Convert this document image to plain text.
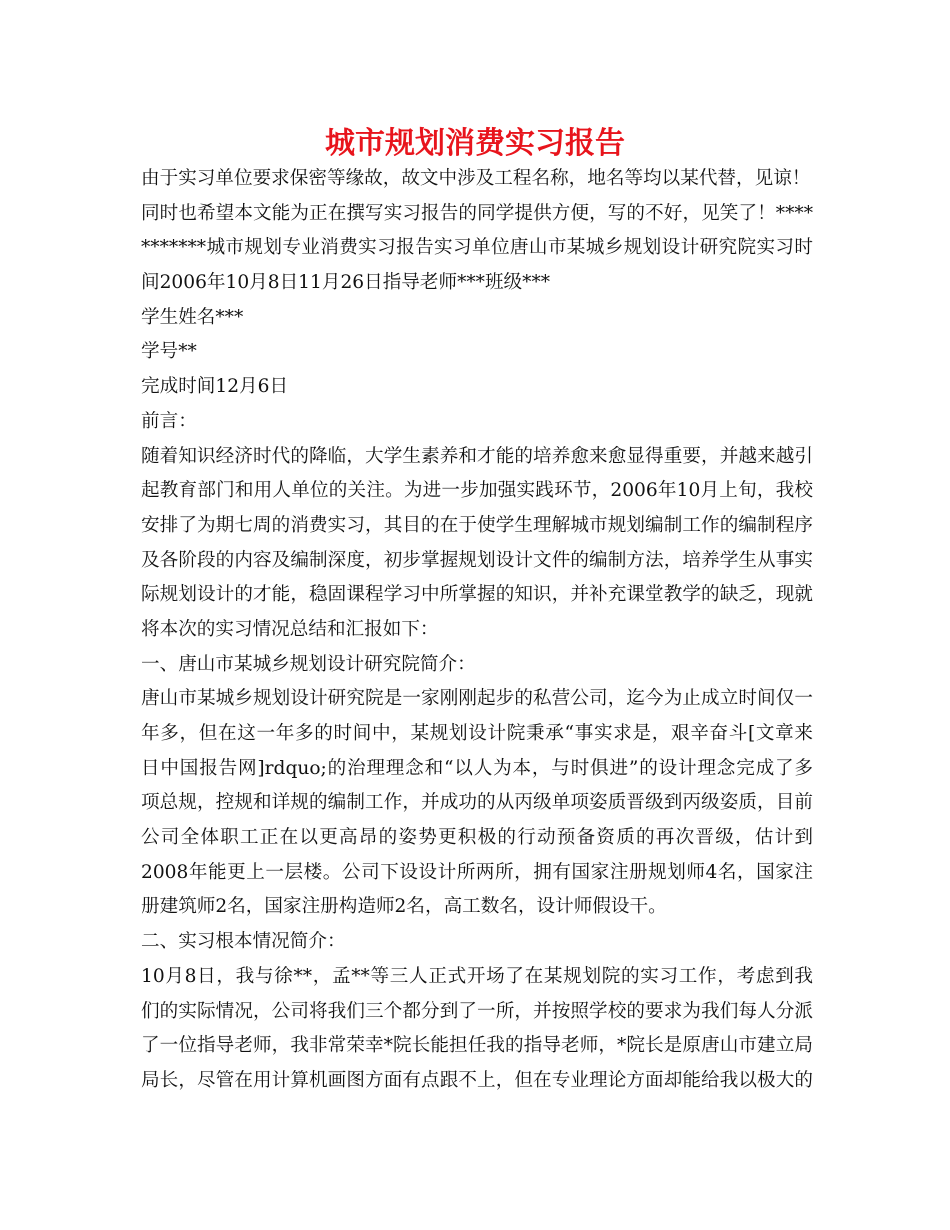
城市规划消费实习报告
由于实习单位要求保密等缘故，故文中涉及工程名称，地名等均以某代替，见谅！
同时也希望本文能为正在撰写实习报告的同学提供方便，写的不好，见笑了！****
*******城市规划专业消费实习报告实习单位唐山市某城乡规划设计研究院实习时
间2006年10月8日11月26日指导老师***班级***
学生姓名***
学号**
完成时间12月6日
前言：
随着知识经济时代的降临，大学生素养和才能的培养愈来愈显得重要，并越来越引
起教育部门和用人单位的关注。为进一步加强实践环节，2006年10月上旬，我校
安排了为期七周的消费实习，其目的在于使学生理解城市规划编制工作的编制程序
及各阶段的内容及编制深度，初步掌握规划设计文件的编制方法，培养学生从事实
际规划设计的才能，稳固课程学习中所掌握的知识，并补充课堂教学的缺乏，现就
将本次的实习情况总结和汇报如下：
一、唐山市某城乡规划设计研究院简介：
唐山市某城乡规划设计研究院是一家刚刚起步的私营公司，迄今为止成立时间仅一
年多，但在这一年多的时间中，某规划设计院秉承“事实求是，艰辛奋斗[文章来
日中国报告网]rdquo;的治理理念和“以人为本，与时俱进”的设计理念完成了多
项总规，控规和详规的编制工作，并成功的从丙级单项姿质晋级到丙级姿质，目前
公司全体职工正在以更高昂的姿势更积极的行动预备资质的再次晋级，估计到
2008年能更上一层楼。公司下设设计所两所，拥有国家注册规划师4名，国家注
册建筑师2名，国家注册构造师2名，高工数名，设计师假设干。
二、实习根本情况简介：
10月8日，我与徐**，孟**等三人正式开场了在某规划院的实习工作，考虑到我
们的实际情况，公司将我们三个都分到了一所，并按照学校的要求为我们每人分派
了一位指导老师，我非常荣幸*院长能担任我的指导老师，*院长是原唐山市建立局
局长，尽管在用计算机画图方面有点跟不上，但在专业理论方面却能给我以极大的
